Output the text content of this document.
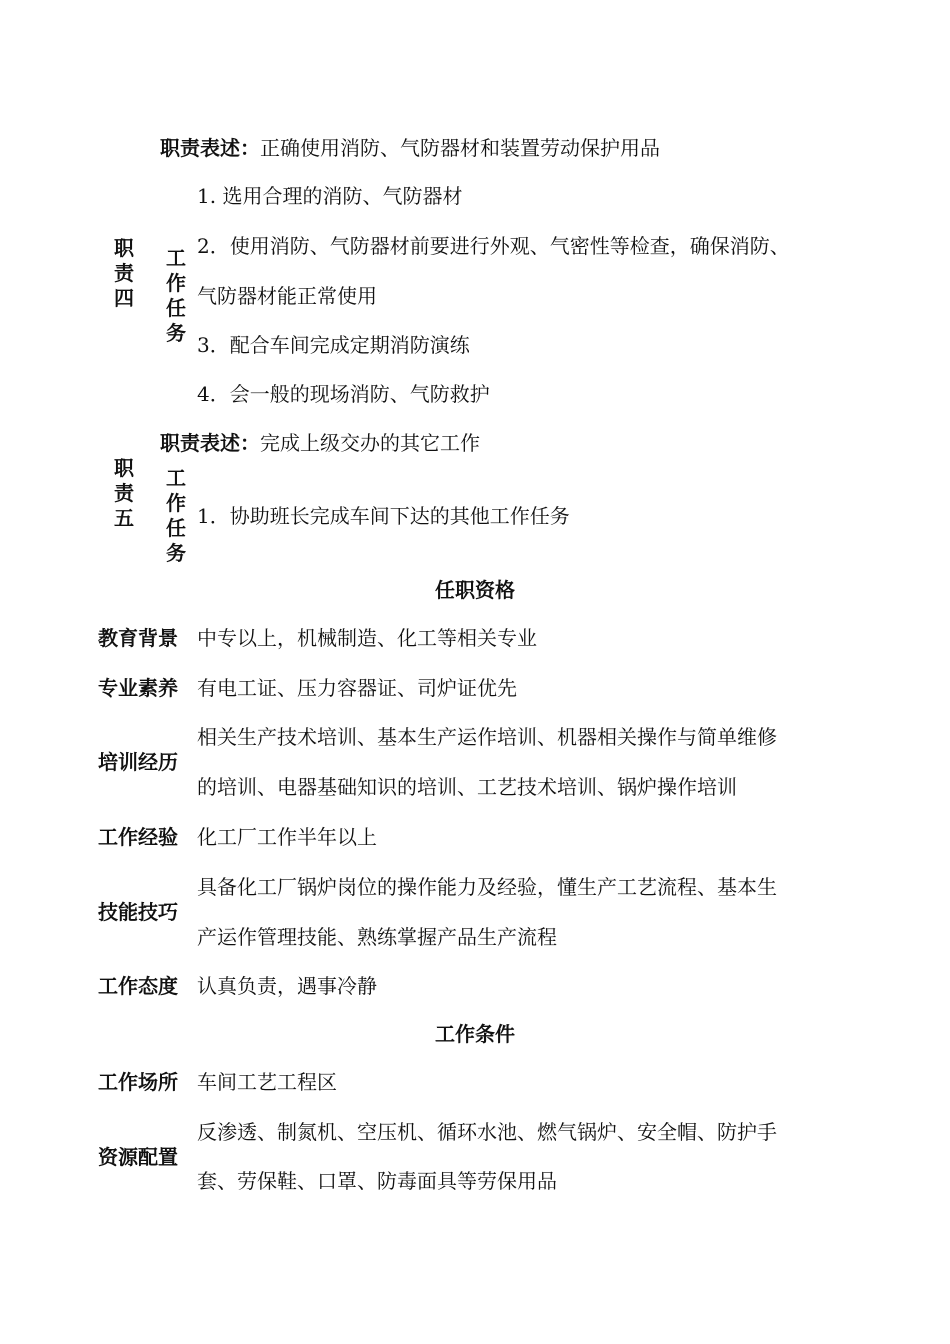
职责四
工作任务
职责表述：正确使用消防、气防器材和装置劳动保护用品
1. 选用合理的消防、气防器材
2．使用消防、气防器材前要进行外观、气密性等检查，确保消防、
气防器材能正常使用
3．配合车间完成定期消防演练
4．会一般的现场消防、气防救护
职责五
工作任务
职责表述：完成上级交办的其它工作
1．协助班长完成车间下达的其他工作任务
任职资格
教育背景 中专以上，机械制造、化工等相关专业
专业素养 有电工证、压力容器证、司炉证优先
培训经历
相关生产技术培训、基本生产运作培训、机器相关操作与简单维修
的培训、电器基础知识的培训、工艺技术培训、锅炉操作培训
工作经验 化工厂工作半年以上
技能技巧
具备化工厂锅炉岗位的操作能力及经验，懂生产工艺流程、基本生
产运作管理技能、熟练掌握产品生产流程
工作态度 认真负责，遇事冷静
工作条件
工作场所 车间工艺工程区
资源配置
反渗透、制氮机、空压机、循环水池、燃气锅炉、安全帽、防护手
套、劳保鞋、口罩、防毒面具等劳保用品
